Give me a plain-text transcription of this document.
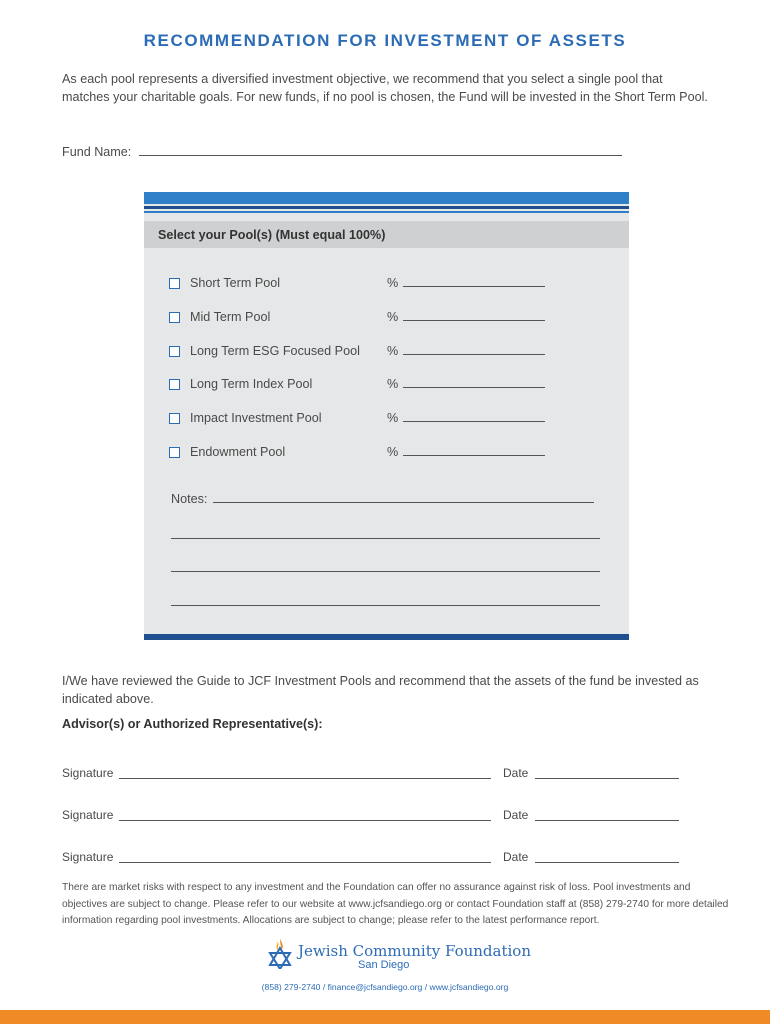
RECOMMENDATION FOR INVESTMENT OF ASSETS
As each pool represents a diversified investment objective, we recommend that you select a single pool that matches your charitable goals. For new funds, if no pool is chosen, the Fund will be invested in the Short Term Pool.
Fund Name:
Select your Pool(s) (Must equal 100%)
Short Term Pool	%
Mid Term Pool	%
Long Term ESG Focused Pool %
Long Term Index Pool	%
Impact Investment Pool	%
Endowment Pool	%
Notes:
I/We have reviewed the Guide to JCF Investment Pools and recommend that the assets of the fund be invested as indicated above.
Advisor(s) or Authorized Representative(s):
Signature	Date
Signature	Date
Signature	Date
There are market risks with respect to any investment and the Foundation can offer no assurance against risk of loss. Pool investments and objectives are subject to change. Please refer to our website at www.jcfsandiego.org or contact Foundation staff at (858) 279-2740 for more detailed information regarding pool investments. Allocations are subject to change; please refer to the latest performance report.
Jewish Community Foundation
San Diego
(858) 279-2740 / finance@jcfsandiego.org / www.jcfsandiego.org
